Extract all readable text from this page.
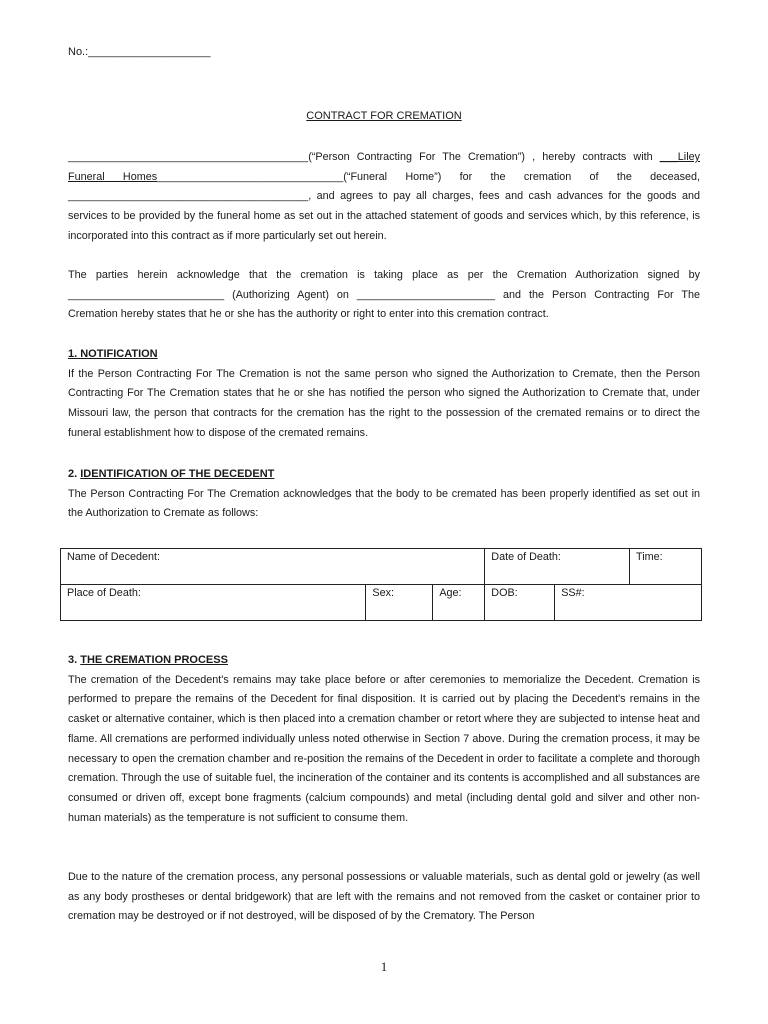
No.:____________________
CONTRACT FOR CREMATION

________________________________________(“Person Contracting For The Cremation”) , hereby contracts with ___Liley Funeral Homes_______________________________(“Funeral Home”) for the cremation of the deceased, ________________________________________, and agrees to pay all charges, fees and cash advances for the goods and services to be provided by the funeral home as set out in the attached statement of goods and services which, by this reference, is incorporated into this contract as if more particularly set out herein.

The parties herein acknowledge that the cremation is taking place as per the Cremation Authorization signed by __________________________ (Authorizing Agent) on _______________________ and the Person Contracting For The Cremation hereby states that he or she has the authority or right to enter into this cremation contract.

1. NOTIFICATION

If the Person Contracting For The Cremation is not the same person who signed the Authorization to Cremate, then the Person Contracting For The Cremation states that he or she has notified the person who signed the Authorization to Cremate that, under Missouri law, the person that contracts for the cremation has the right to the possession of the cremated remains or to direct the funeral establishment how to dispose of the cremated remains.

2. IDENTIFICATION OF THE DECEDENT

The Person Contracting For The Cremation acknowledges that the body to be cremated has been properly identified as set out in the Authorization to Cremate as follows:

Name of Decedent:			Date of Death:		Time:
Place of Death:	Sex:	Age:	DOB:	SS#:	

3. THE CREMATION PROCESS

The cremation of the Decedent's remains may take place before or after ceremonies to memorialize the Decedent. Cremation is performed to prepare the remains of the Decedent for final disposition. It is carried out by placing the Decedent's remains in the casket or alternative container, which is then placed into a cremation chamber or retort where they are subjected to intense heat and flame. All cremations are performed individually unless noted otherwise in Section 7 above. During the cremation process, it may be necessary to open the cremation chamber and re-position the remains of the Decedent in order to facilitate a complete and thorough cremation. Through the use of suitable fuel, the incineration of the container and its contents is accomplished and all substances are consumed or driven off, except bone fragments (calcium compounds) and metal (including dental gold and silver and other non-human materials) as the temperature is not sufficient to consume them.

Due to the nature of the cremation process, any personal possessions or valuable materials, such as dental gold or jewelry (as well as any body prostheses or dental bridgework) that are left with the remains and not removed from the casket or container prior to cremation may be destroyed or if not destroyed, will be disposed of by the Crematory. The Person

1
